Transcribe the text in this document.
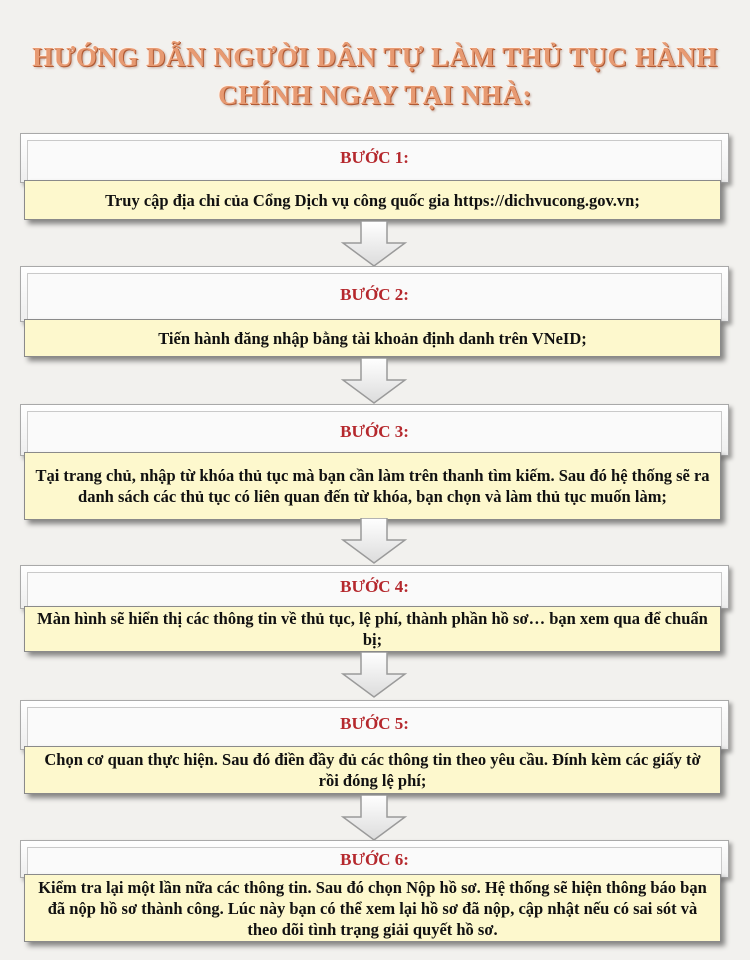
HƯỚNG DẪN NGƯỜI DÂN TỰ LÀM THỦ TỤC HÀNH
CHÍNH NGAY TẠI NHÀ:
BƯỚC 1:
Truy cập địa chỉ của Cổng Dịch vụ công quốc gia https://dichvucong.gov.vn;
BƯỚC 2:
Tiến hành đăng nhập bằng tài khoản định danh trên VNeID;
BƯỚC 3:
Tại trang chủ, nhập từ khóa thủ tục mà bạn cần làm trên thanh tìm kiếm. Sau đó hệ thống sẽ ra danh sách các thủ tục có liên quan đến từ khóa, bạn chọn và làm thủ tục muốn làm;
BƯỚC 4:
Màn hình sẽ hiển thị các thông tin về thủ tục, lệ phí, thành phần hồ sơ… bạn xem qua để chuẩn bị;
BƯỚC 5:
Chọn cơ quan thực hiện. Sau đó điền đầy đủ các thông tin theo yêu cầu. Đính kèm các giấy tờ rồi đóng lệ phí;
BƯỚC 6:
Kiểm tra lại một lần nữa các thông tin. Sau đó chọn Nộp hồ sơ. Hệ thống sẽ hiện thông báo bạn đã nộp hồ sơ thành công. Lúc này bạn có thể xem lại hồ sơ đã nộp, cập nhật nếu có sai sót và theo dõi tình trạng giải quyết hồ sơ.
